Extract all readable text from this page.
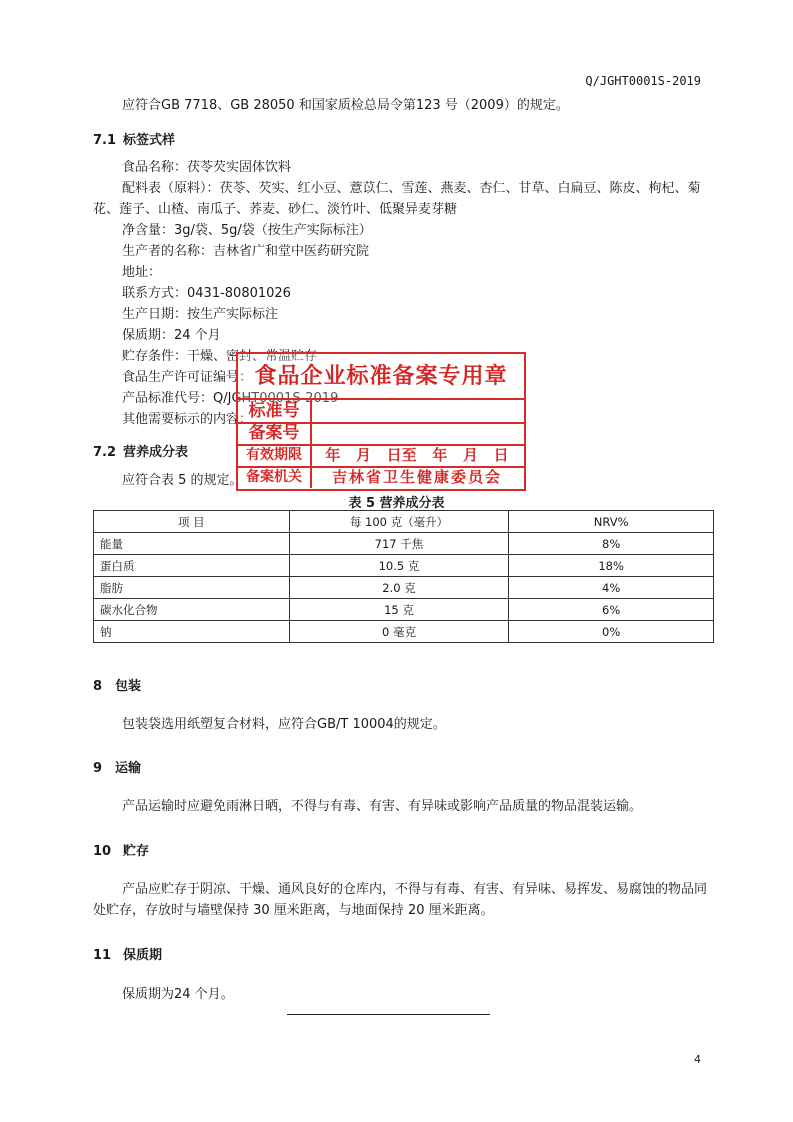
Q/JGHT0001S-2019
应符合GB 7718、GB 28050 和国家质检总局令第123 号（2009）的规定。
7.1 标签式样
食品名称：茯苓芡实固体饮料
配料表（原料）：茯苓、芡实、红小豆、薏苡仁、雪莲、燕麦、杏仁、甘草、白扁豆、陈皮、枸杞、菊花、莲子、山楂、南瓜子、荞麦、砂仁、淡竹叶、低聚异麦芽糖
净含量：3g/袋、5g/袋（按生产实际标注）
生产者的名称：吉林省广和堂中医药研究院
地址：
联系方式：0431-80801026
生产日期：按生产实际标注
保质期：24 个月
贮存条件：干燥、密封、常温贮存
食品生产许可证编号：
产品标准代号：Q/JGHT0001S-2019
其他需要标示的内容：
7.2 营养成分表
应符合表 5 的规定。
表 5 营养成分表
项 目	每 100 克（毫升）	NRV%
能量	717 千焦	8%
蛋白质	10.5 克	18%
脂肪	2.0 克	4%
碳水化合物	15 克	6%
钠	0 毫克	0%
8 包装
包装袋选用纸塑复合材料，应符合GB/T 10004的规定。
9 运输
产品运输时应避免雨淋日晒，不得与有毒、有害、有异味或影响产品质量的物品混装运输。
10 贮存
产品应贮存于阴凉、干燥、通风良好的仓库内，不得与有毒、有害、有异味、易挥发、易腐蚀的物品同处贮存，存放时与墙壁保持 30 厘米距离，与地面保持 20 厘米距离。
11 保质期
保质期为24 个月。
4
食品企业标准备案专用章
标准号
备案号
有效期限	年   月   日至   年   月   日
备案机关	吉林省卫生健康委员会
